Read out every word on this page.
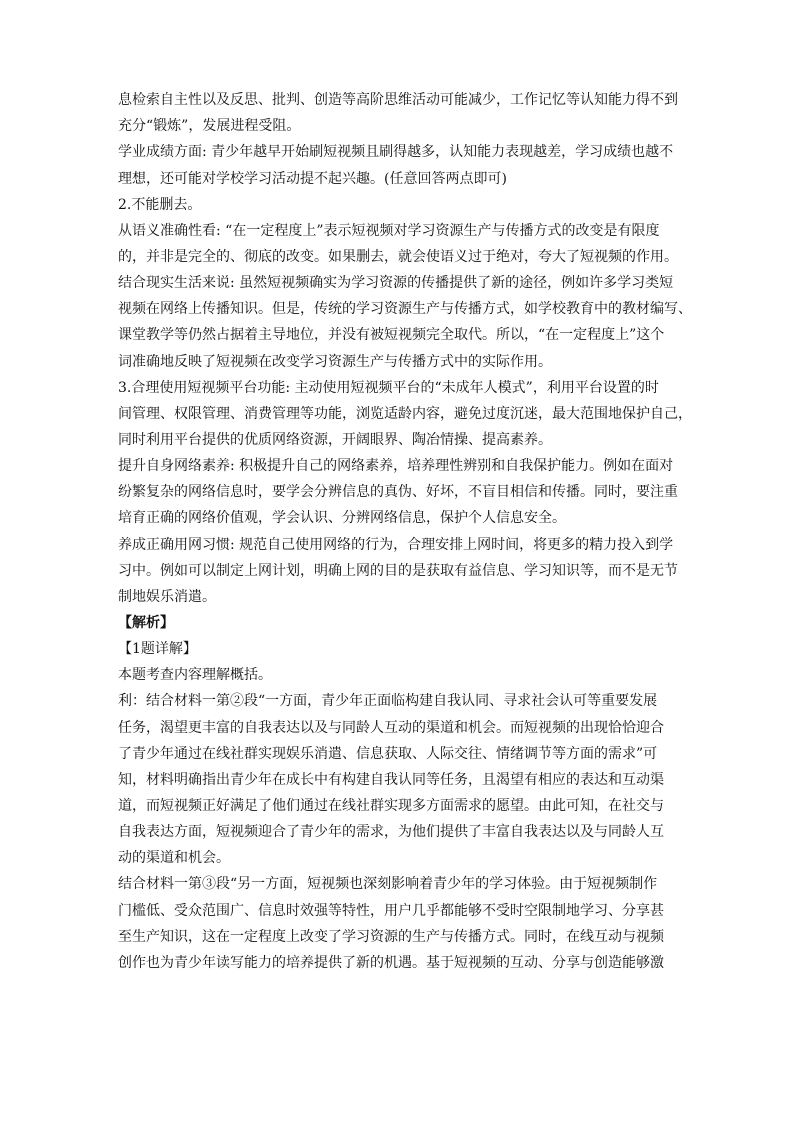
息检索自主性以及反思、批判、创造等高阶思维活动可能减少，工作记忆等认知能力得不到
充分“锻炼”，发展进程受阻。
学业成绩方面: 青少年越早开始刷短视频且刷得越多，认知能力表现越差，学习成绩也越不
理想，还可能对学校学习活动提不起兴趣。(任意回答两点即可)
2.不能删去。
从语义准确性看: “在一定程度上”表示短视频对学习资源生产与传播方式的改变是有限度
的，并非是完全的、彻底的改变。如果删去，就会使语义过于绝对，夸大了短视频的作用。
结合现实生活来说: 虽然短视频确实为学习资源的传播提供了新的途径，例如许多学习类短
视频在网络上传播知识。但是，传统的学习资源生产与传播方式，如学校教育中的教材编写、
课堂教学等仍然占据着主导地位，并没有被短视频完全取代。所以，“在一定程度上”这个
词准确地反映了短视频在改变学习资源生产与传播方式中的实际作用。
3.合理使用短视频平台功能: 主动使用短视频平台的“未成年人模式”，利用平台设置的时
间管理、权限管理、消费管理等功能，浏览适龄内容，避免过度沉迷，最大范围地保护自己，
同时利用平台提供的优质网络资源，开阔眼界、陶冶情操、提高素养。
提升自身网络素养: 积极提升自己的网络素养，培养理性辨别和自我保护能力。例如在面对
纷繁复杂的网络信息时，要学会分辨信息的真伪、好坏，不盲目相信和传播。同时，要注重
培育正确的网络价值观，学会认识、分辨网络信息，保护个人信息安全。
养成正确用网习惯: 规范自己使用网络的行为，合理安排上网时间，将更多的精力投入到学
习中。例如可以制定上网计划，明确上网的目的是获取有益信息、学习知识等，而不是无节
制地娱乐消遣。
【解析】
【1题详解】
本题考查内容理解概括。
利：结合材料一第②段“一方面，青少年正面临构建自我认同、寻求社会认可等重要发展
任务，渴望更丰富的自我表达以及与同龄人互动的渠道和机会。而短视频的出现恰恰迎合
了青少年通过在线社群实现娱乐消遣、信息获取、人际交往、情绪调节等方面的需求”可
知，材料明确指出青少年在成长中有构建自我认同等任务，且渴望有相应的表达和互动渠
道，而短视频正好满足了他们通过在线社群实现多方面需求的愿望。由此可知，在社交与
自我表达方面，短视频迎合了青少年的需求，为他们提供了丰富自我表达以及与同龄人互
动的渠道和机会。
结合材料一第③段“另一方面，短视频也深刻影响着青少年的学习体验。由于短视频制作
门槛低、受众范围广、信息时效强等特性，用户几乎都能够不受时空限制地学习、分享甚
至生产知识，这在一定程度上改变了学习资源的生产与传播方式。同时，在线互动与视频
创作也为青少年读写能力的培养提供了新的机遇。基于短视频的互动、分享与创造能够激
